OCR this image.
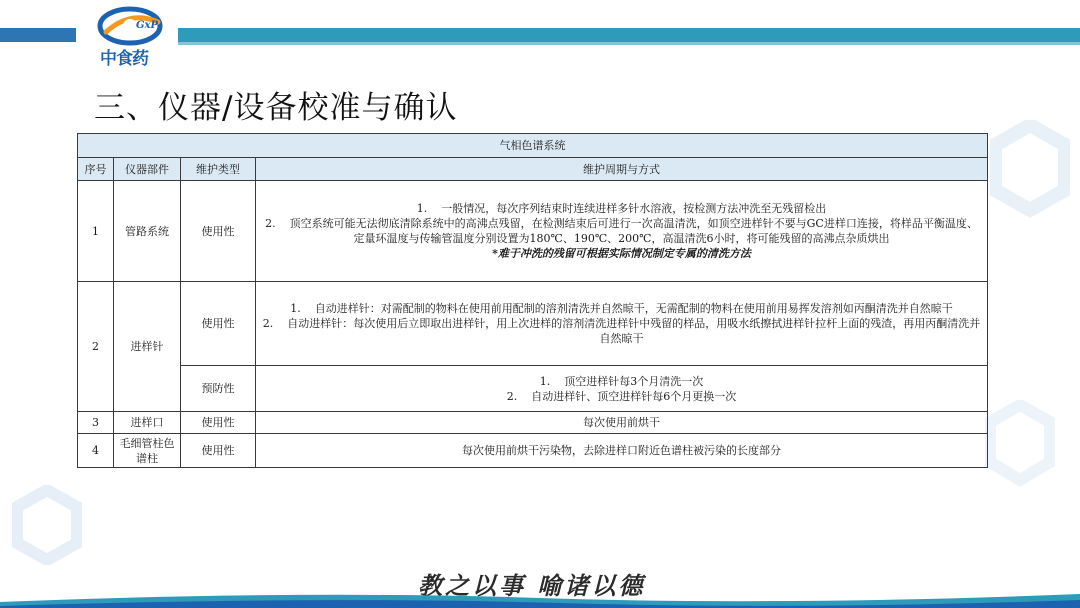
GxP
中食药
三、仪器/设备校准与确认
气相色谱系统			
序号	仪器部件	维护类型	维护周期与方式
1	管路系统	使用性	1.    一般情况，每次序列结束时连续进样多针水溶液，按检测方法冲洗至无残留检出
2.    顶空系统可能无法彻底清除系统中的高沸点残留，在检测结束后可进行一次高温清洗，如顶空进样针不要与GC进样口连接，将样品平衡温度、定量环温度与传输管温度分别设置为180℃、190℃、200℃，高温清洗6小时，将可能残留的高沸点杂质烘出
*难于冲洗的残留可根据实际情况制定专属的清洗方法

2	进样针	使用性	1.    自动进样针：对需配制的物料在使用前用配制的溶剂清洗并自然晾干，无需配制的物料在使用前用易挥发溶剂如丙酮清洗并自然晾干
2.    自动进样针：每次使用后立即取出进样针，用上次进样的溶剂清洗进样针中残留的样品，用吸水纸擦拭进样针拉杆上面的残渣，再用丙酮清洗并自然晾干

		预防性	1.    顶空进样针每3个月清洗一次
2.    自动进样针、顶空进样针每6个月更换一次

3	进样口	使用性	每次使用前烘干
4	毛细管柱色谱柱	使用性	每次使用前烘干污染物，去除进样口附近色谱柱被污染的长度部分
教之以事 喻诸以德
